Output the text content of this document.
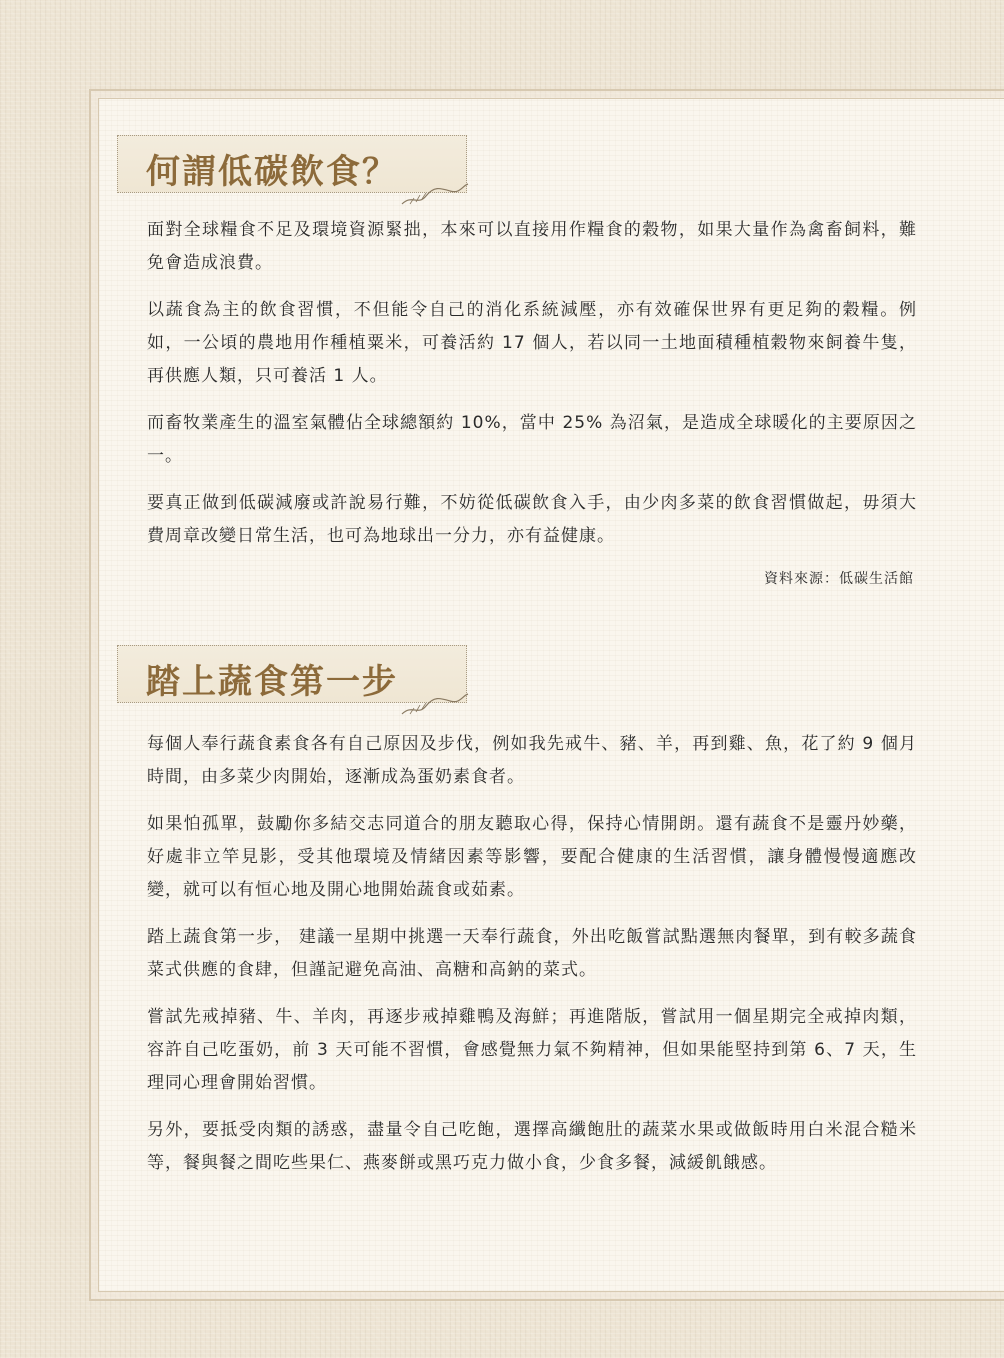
何謂低碳飲食？

面對全球糧食不足及環境資源緊拙，本來可以直接用作糧食的穀物，如果大量作為禽畜飼料，難免會造成浪費。

以蔬食為主的飲食習慣，不但能令自己的消化系統減壓，亦有效確保世界有更足夠的穀糧。例如，一公頃的農地用作種植粟米，可養活約 17 個人，若以同一土地面積種植穀物來飼養牛隻，再供應人類，只可養活 1 人。

而畜牧業產生的溫室氣體佔全球總額約 10%，當中 25% 為沼氣，是造成全球暖化的主要原因之一。

要真正做到低碳減廢或許說易行難，不妨從低碳飲食入手，由少肉多菜的飲食習慣做起，毋須大費周章改變日常生活，也可為地球出一分力，亦有益健康。

資料來源：低碳生活館
踏上蔬食第一步

每個人奉行蔬食素食各有自己原因及步伐，例如我先戒牛、豬、羊，再到雞、魚，花了約 9 個月時間，由多菜少肉開始，逐漸成為蛋奶素食者。

如果怕孤單，鼓勵你多結交志同道合的朋友聽取心得，保持心情開朗。還有蔬食不是靈丹妙藥，好處非立竿見影，受其他環境及情緒因素等影響，要配合健康的生活習慣，讓身體慢慢適應改變，就可以有恒心地及開心地開始蔬食或茹素。

踏上蔬食第一步， 建議一星期中挑選一天奉行蔬食，外出吃飯嘗試點選無肉餐單，到有較多蔬食菜式供應的食肆，但謹記避免高油、高糖和高鈉的菜式。

嘗試先戒掉豬、牛、羊肉，再逐步戒掉雞鴨及海鮮；再進階版，嘗試用一個星期完全戒掉肉類，容許自己吃蛋奶，前 3 天可能不習慣，會感覺無力氣不夠精神，但如果能堅持到第 6、7 天，生理同心理會開始習慣。

另外，要抵受肉類的誘惑，盡量令自己吃飽，選擇高纖飽肚的蔬菜水果或做飯時用白米混合糙米等，餐與餐之間吃些果仁、燕麥餅或黑巧克力做小食，少食多餐，減緩飢餓感。
